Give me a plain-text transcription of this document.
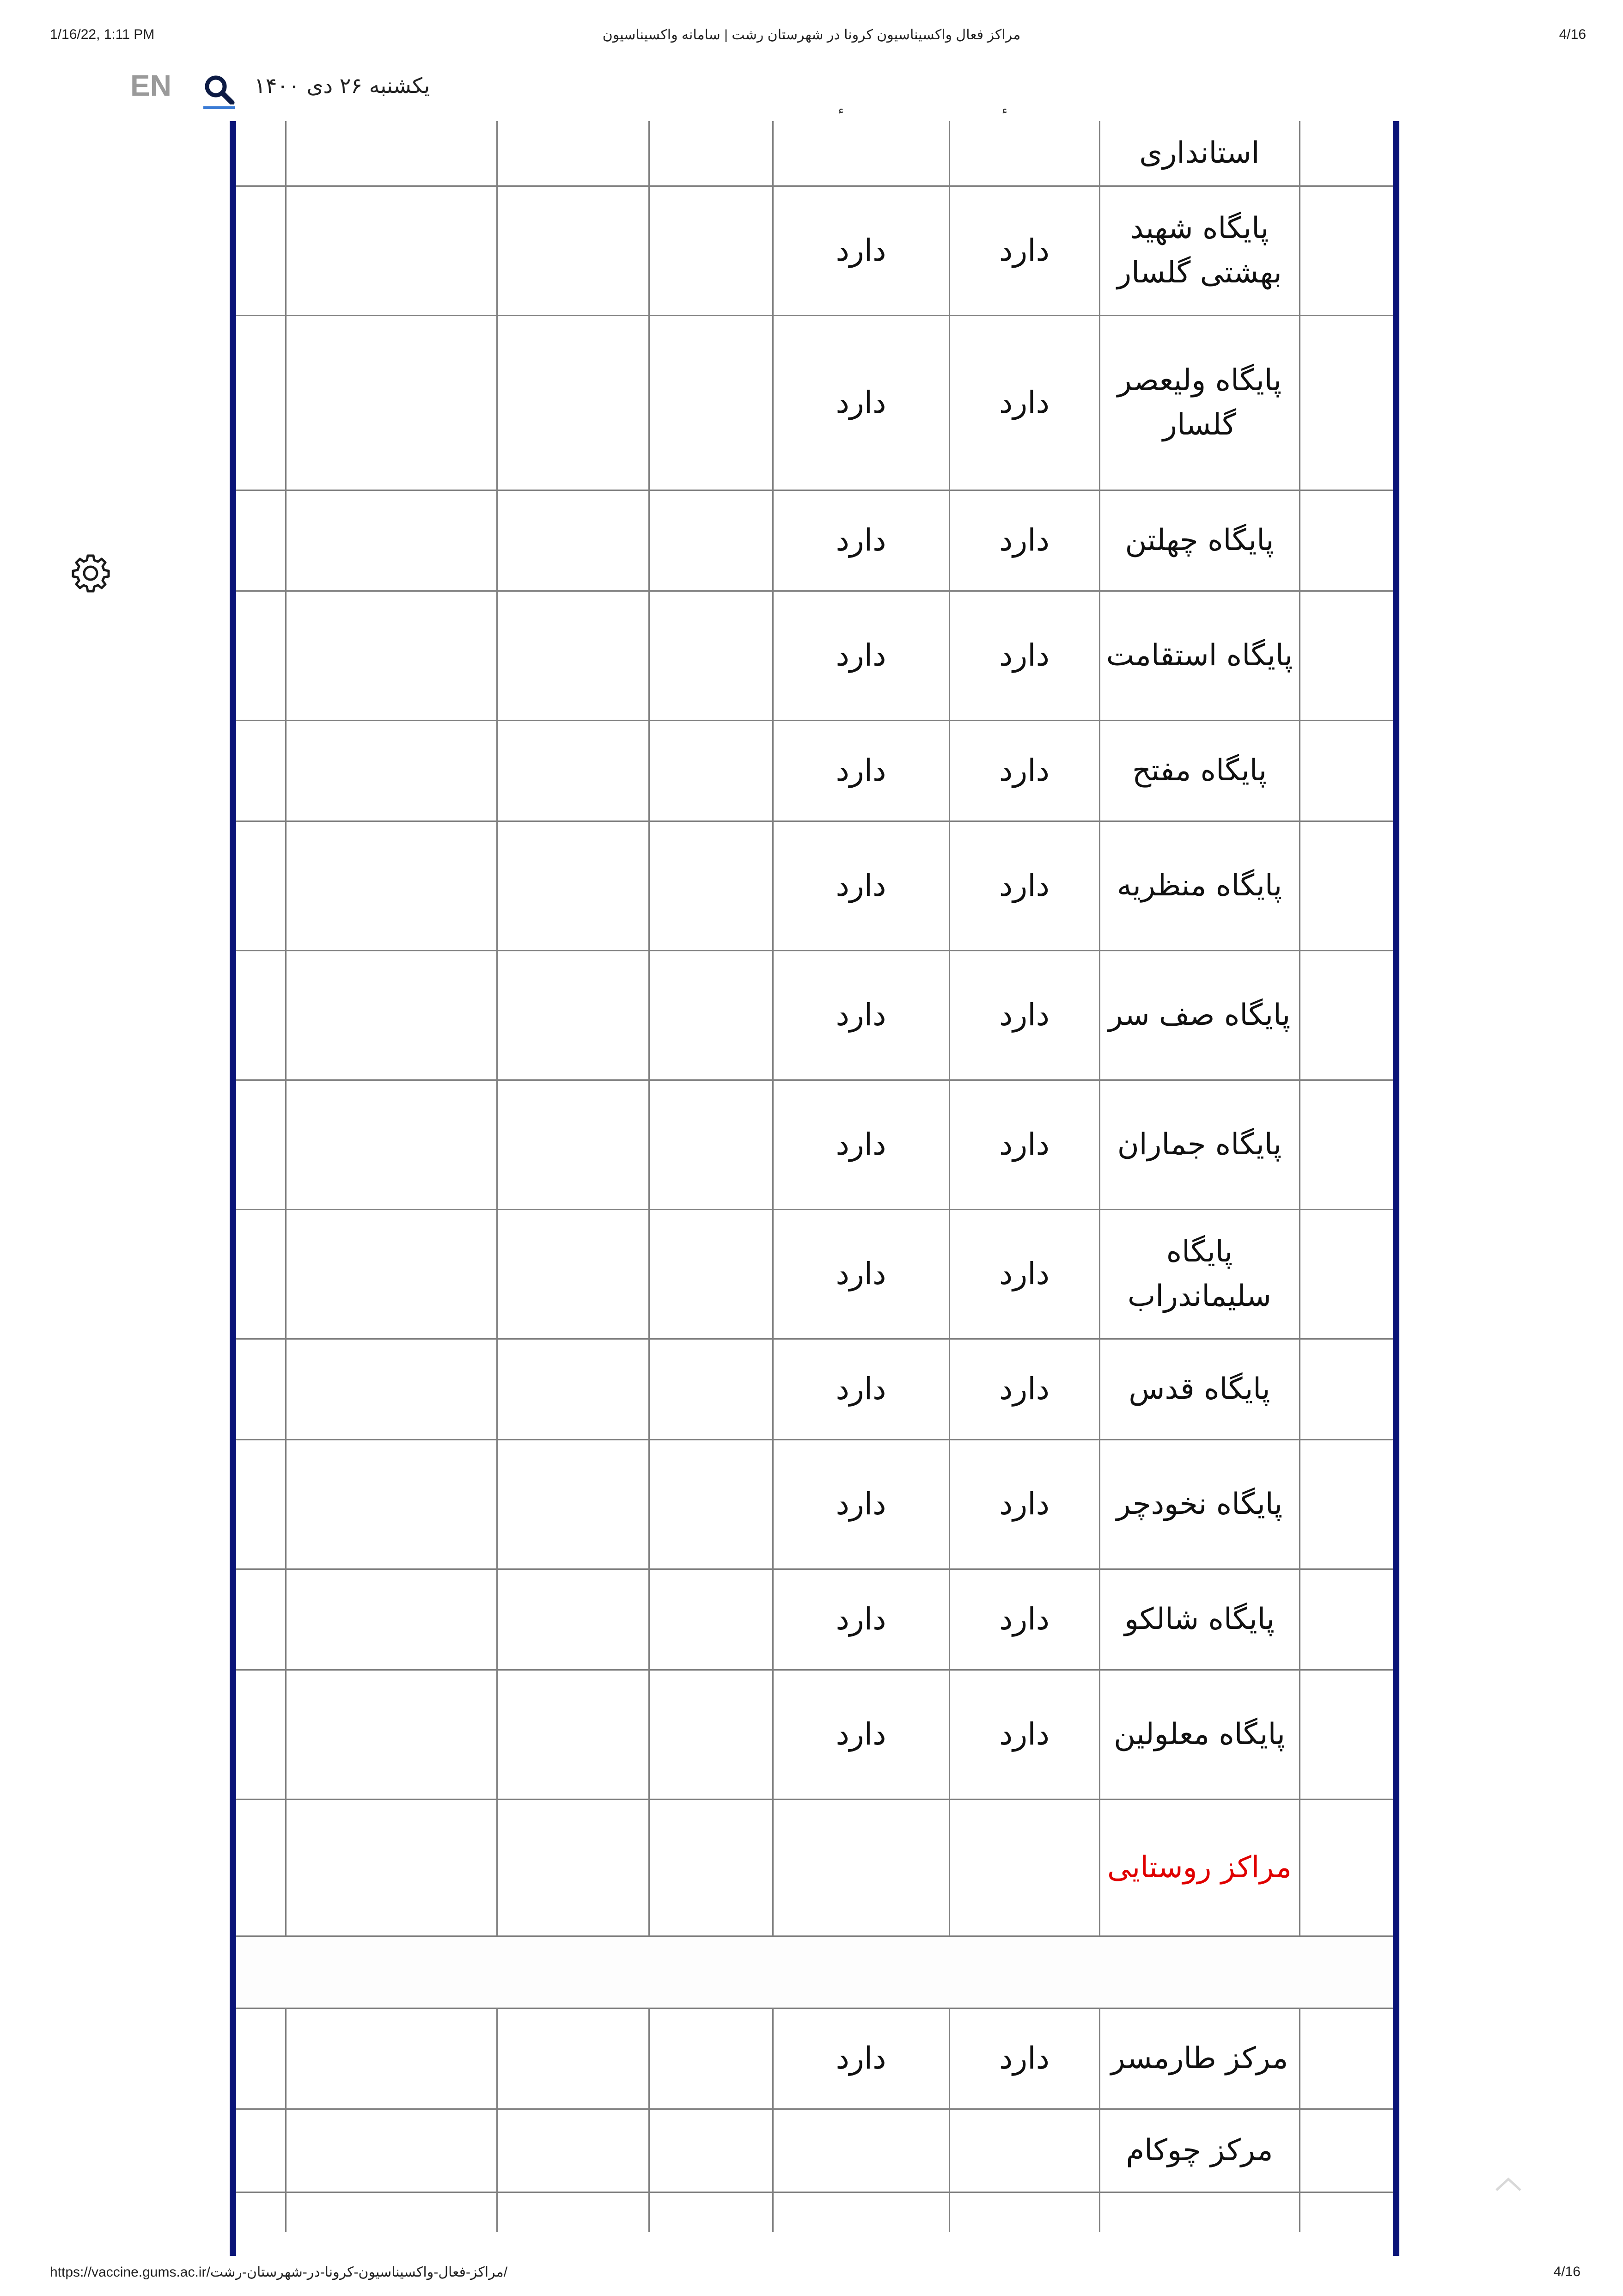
1/16/22, 1:11 PM	مراکز فعال واکسیناسیون کرونا در شهرستان رشت | سامانه واکسیناسیون	4/16
EN	یکشنبه ۲۶ دی ۱۴۰۰
						استانداری	
				دارد	دارد	پایگاه شهید بهشتی گلسار	
				دارد	دارد	پایگاه ولیعصر گلسار	
				دارد	دارد	پایگاه چهلتن	
				دارد	دارد	پایگاه استقامت	
				دارد	دارد	پایگاه مفتح	
				دارد	دارد	پایگاه منظریه	
				دارد	دارد	پایگاه صف سر	
				دارد	دارد	پایگاه جماران	
				دارد	دارد	پایگاه سلیماندراب	
				دارد	دارد	پایگاه قدس	
				دارد	دارد	پایگاه نخودچر	
				دارد	دارد	پایگاه شالکو	
				دارد	دارد	پایگاه معلولین	
						مراکز روستایی	

				دارد	دارد	مرکز طارمسر	
						مرکز چوکام	

https://vaccine.gums.ac.ir/مراکز-فعال-واکسیناسیون-کرونا-در-شهرستان-رشت/	4/16
